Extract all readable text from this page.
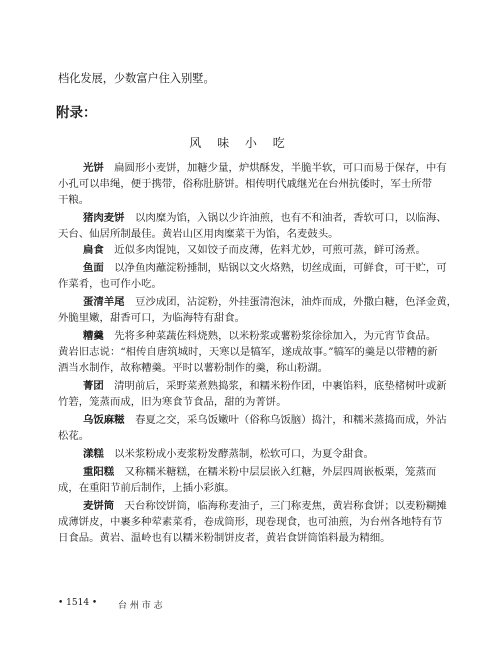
档化发展，少数富户住入别墅。
附录：
风 味 小 吃
光饼　扁圆形小麦饼，加糖少量，炉烘酥发，半脆半软，可口而易于保存，中有
小孔可以串绳，便于携带，俗称肚脐饼。相传明代戚继光在台州抗倭时，军士所带
干粮。
猪肉麦饼　以肉糜为馅，入锅以少许油煎，也有不和油者，香软可口，以临海、
天台、仙居所制最佳。黄岩山区用肉糜菜干为馅，名麦鼓头。
扁食　近似多肉馄饨，又如饺子而皮薄，佐料尤妙，可煎可蒸，鲜可汤煮。
鱼面　以净鱼肉蘸淀粉捶制，贴锅以文火烙熟，切丝成面，可鲜食，可干贮，可
作菜肴，也可作小吃。
蛋清羊尾　豆沙成团，沾淀粉，外挂蛋清泡沫，油炸而成，外撒白糖，色泽金黄，
外脆里嫩，甜香可口，为临海特有甜食。
糟羹　先将多种菜蔬佐料烧熟，以米粉浆或薯粉浆徐徐加入，为元宵节食品。
黄岩旧志说：“相传自唐筑城时，天寒以是犒军，遂成故事。”犒军的羹是以带糟的新
酒当水制作，故称糟羹。平时以薯粉制作的羹，称山粉湖。
菁团　清明前后，采野菜煮熟捣浆，和糯米粉作团，中裹馅料，底垫楮树叶或新
竹箬，笼蒸而成，旧为寒食节食品，甜的为菁饼。
乌饭麻糍　春夏之交，采乌饭嫩叶（俗称乌饭脑）捣汁，和糯米蒸捣而成，外沾
松花。
漾糕　以米浆粉成小麦浆粉发酵蒸制，松软可口，为夏令甜食。
重阳糕　又称糯米糖糕，在糯米粉中层层嵌入红糖，外层四周嵌板栗，笼蒸而
成，在重阳节前后制作，上插小彩旗。
麦饼筒　天台称饺饼筒，临海称麦油子，三门称麦焦，黄岩称食饼；以麦粉糊摊
成薄饼皮，中裹多种荤素菜肴，卷成筒形，现卷现食，也可油煎，为台州各地特有节
日食品。黄岩、温岭也有以糯米粉制饼皮者，黄岩食饼筒馅料最为精细。
• 1514 • 台 州 市 志
